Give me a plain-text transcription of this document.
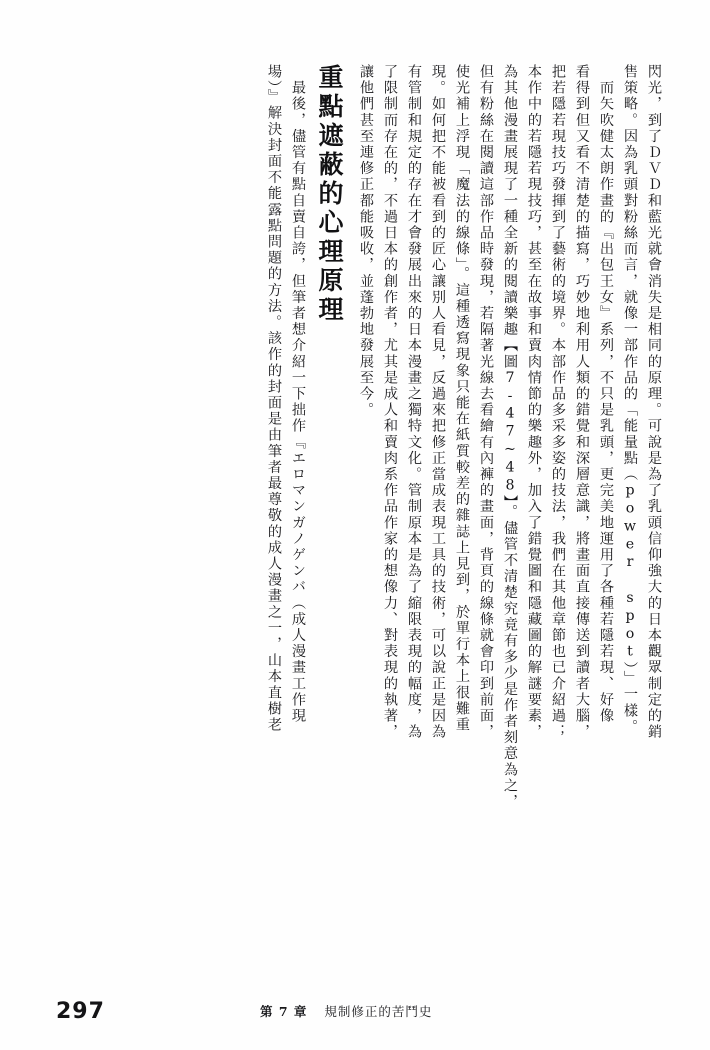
閃光，到了ＤＶＤ和藍光就會消失是相同的原理。可說是為了乳頭信仰強大的日本觀眾制定的銷
售策略。因為乳頭對粉絲而言，就像一部作品的「能量點（power spot）」一樣。
　而矢吹健太朗作畫的『出包王女』系列，不只是乳頭，更完美地運用了各種若隱若現、好像
看得到但又看不清楚的描寫，巧妙地利用人類的錯覺和深層意識，將畫面直接傳送到讀者大腦，
把若隱若現技巧發揮到了藝術的境界。本部作品多采多姿的技法，我們在其他章節也已介紹過；
本作中的若隱若現技巧，甚至在故事和賣肉情節的樂趣外，加入了錯覺圖和隱藏圖的解謎要素，
為其他漫畫展現了一種全新的閱讀樂趣【圖7-47~48】。儘管不清楚究竟有多少是作者刻意為之，
但有粉絲在閱讀這部作品時發現，若隔著光線去看繪有內褲的畫面，背頁的線條就會印到前面，
使光補上浮現「魔法的線條」。這種透寫現象只能在紙質較差的雜誌上見到，於單行本上很難重
現。如何把不能被看到的匠心讓別人看見，反過來把修正當成表現工具的技術，可以說正是因為
有管制和規定的存在才會發展出來的日本漫畫之獨特文化。管制原本是為了縮限表現的幅度，為
了限制而存在的，不過日本的創作者，尤其是成人和賣肉系作品作家的想像力、對表現的執著，
讓他們甚至連修正都能吸收，並蓬勃地發展至今。
重點遮蔽的心理原理
　最後，儘管有點自賣自誇，但筆者想介紹一下拙作『エロマンガノゲンバ（成人漫畫工作現
場）』解決封面不能露點問題的方法。該作的封面是由筆者最尊敬的成人漫畫之一，山本直樹老
297	第 7 章 規制修正的苦鬥史
